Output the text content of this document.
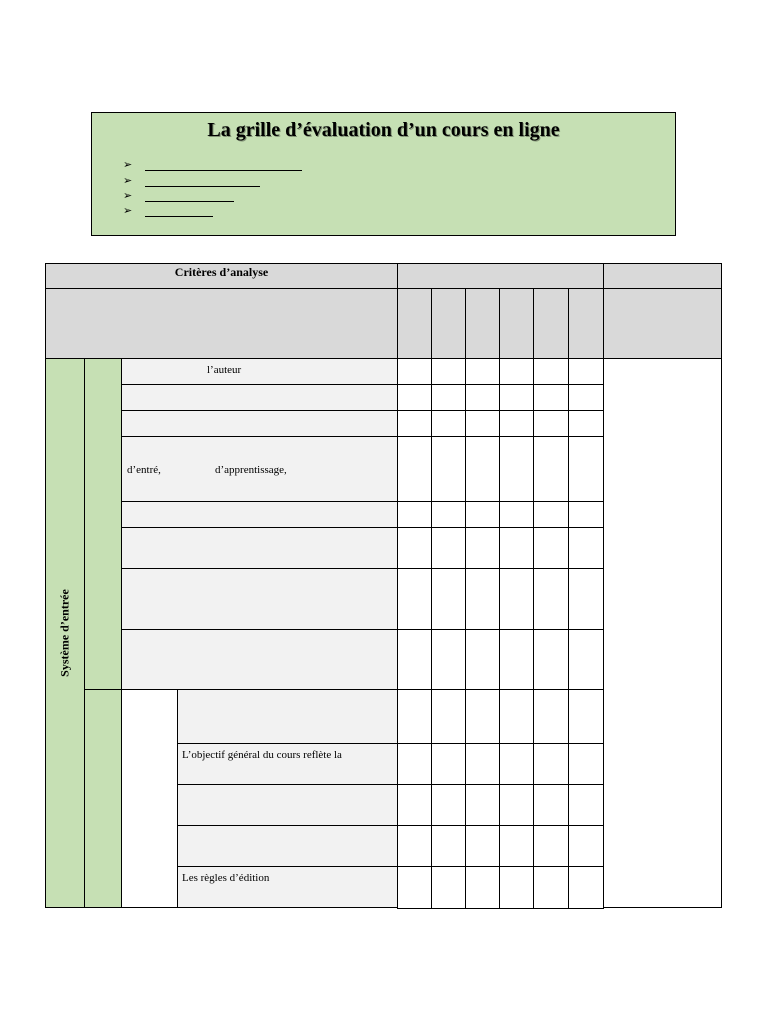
La grille d’évaluation d’un cours en ligne
➢
➢
➢
➢
Critères d’analyse
Système d’entrée
l’auteur
d’entré,	d’apprentissage,
L’objectif général du cours reflète la
Les règles d’édition
